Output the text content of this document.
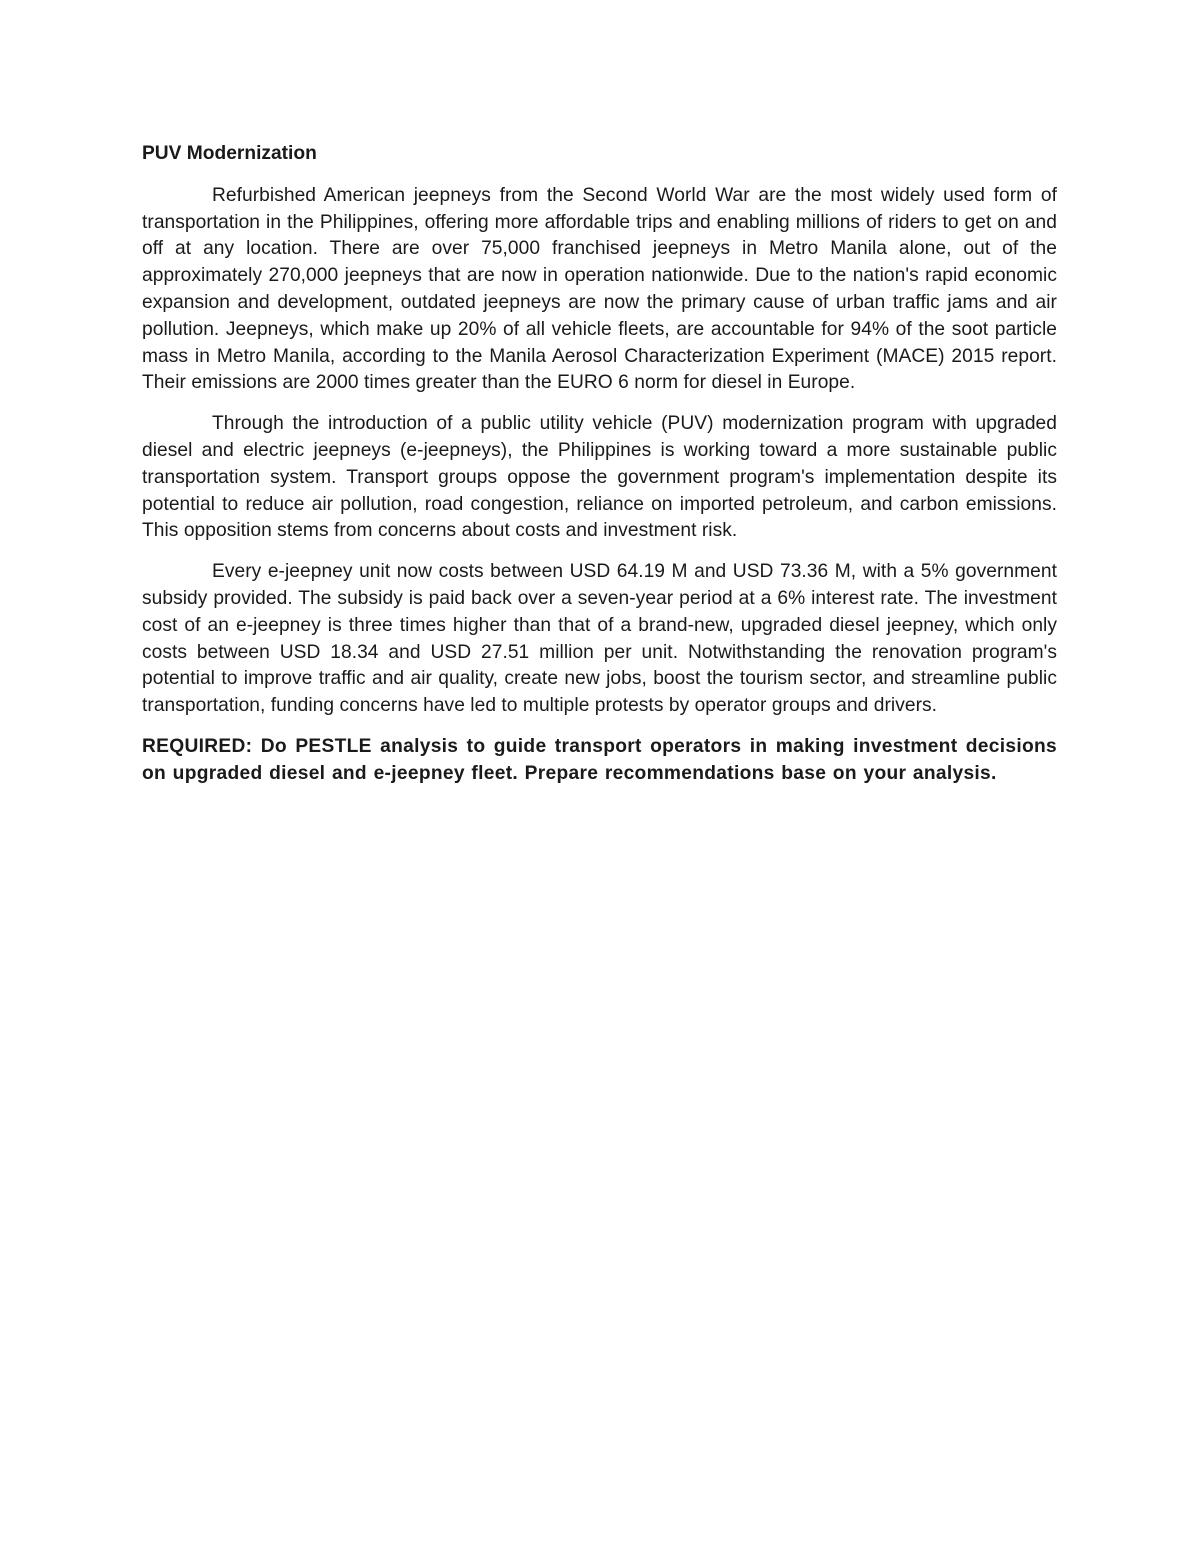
PUV Modernization

Refurbished American jeepneys from the Second World War are the most widely used form of transportation in the Philippines, offering more affordable trips and enabling millions of riders to get on and off at any location. There are over 75,000 franchised jeepneys in Metro Manila alone, out of the approximately 270,000 jeepneys that are now in operation nationwide. Due to the nation's rapid economic expansion and development, outdated jeepneys are now the primary cause of urban traffic jams and air pollution. Jeepneys, which make up 20% of all vehicle fleets, are accountable for 94% of the soot particle mass in Metro Manila, according to the Manila Aerosol Characterization Experiment (MACE) 2015 report. Their emissions are 2000 times greater than the EURO 6 norm for diesel in Europe.

Through the introduction of a public utility vehicle (PUV) modernization program with upgraded diesel and electric jeepneys (e-jeepneys), the Philippines is working toward a more sustainable public transportation system. Transport groups oppose the government program's implementation despite its potential to reduce air pollution, road congestion, reliance on imported petroleum, and carbon emissions. This opposition stems from concerns about costs and investment risk.

Every e-jeepney unit now costs between USD 64.19 M and USD 73.36 M, with a 5% government subsidy provided. The subsidy is paid back over a seven-year period at a 6% interest rate. The investment cost of an e-jeepney is three times higher than that of a brand-new, upgraded diesel jeepney, which only costs between USD 18.34 and USD 27.51 million per unit. Notwithstanding the renovation program's potential to improve traffic and air quality, create new jobs, boost the tourism sector, and streamline public transportation, funding concerns have led to multiple protests by operator groups and drivers.

REQUIRED: Do PESTLE analysis to guide transport operators in making investment decisions on upgraded diesel and e-jeepney fleet. Prepare recommendations base on your analysis.
